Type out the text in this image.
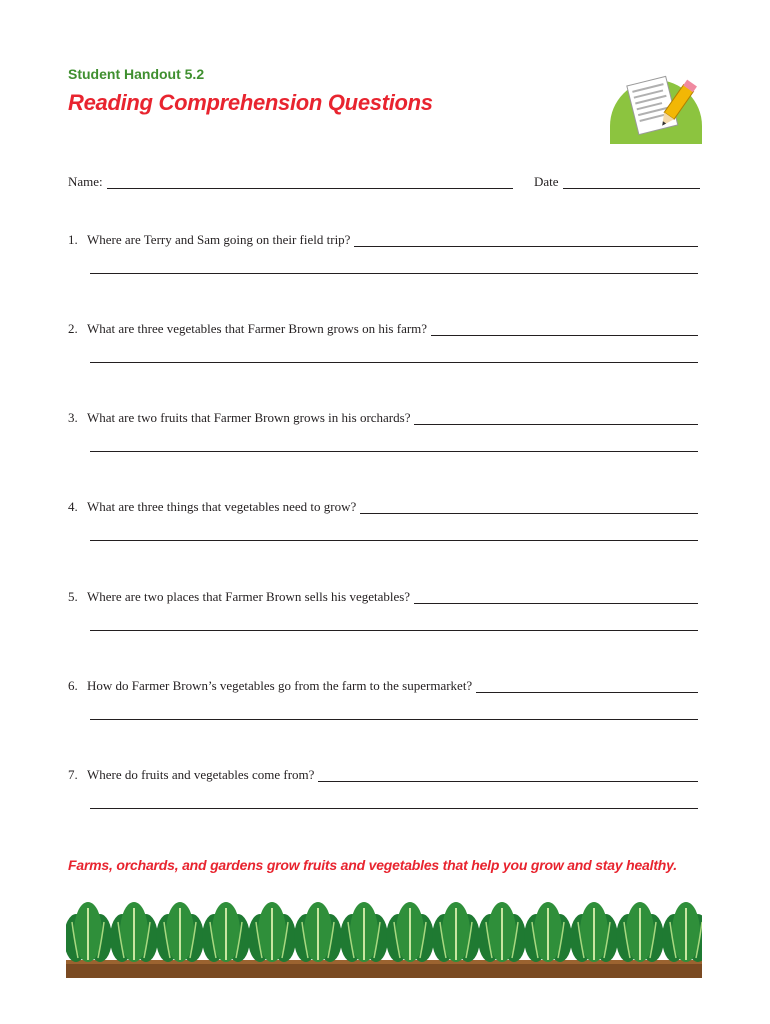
Student Handout 5.2
Reading Comprehension Questions
Name:	Date
1. Where are Terry and Sam going on their field trip?
2. What are three vegetables that Farmer Brown grows on his farm?
3. What are two fruits that Farmer Brown grows in his orchards?
4. What are three things that vegetables need to grow?
5. Where are two places that Farmer Brown sells his vegetables?
6. How do Farmer Brown’s vegetables go from the farm to the supermarket?
7. Where do fruits and vegetables come from?
Farms, orchards, and gardens grow fruits and vegetables that help you grow and stay healthy.
